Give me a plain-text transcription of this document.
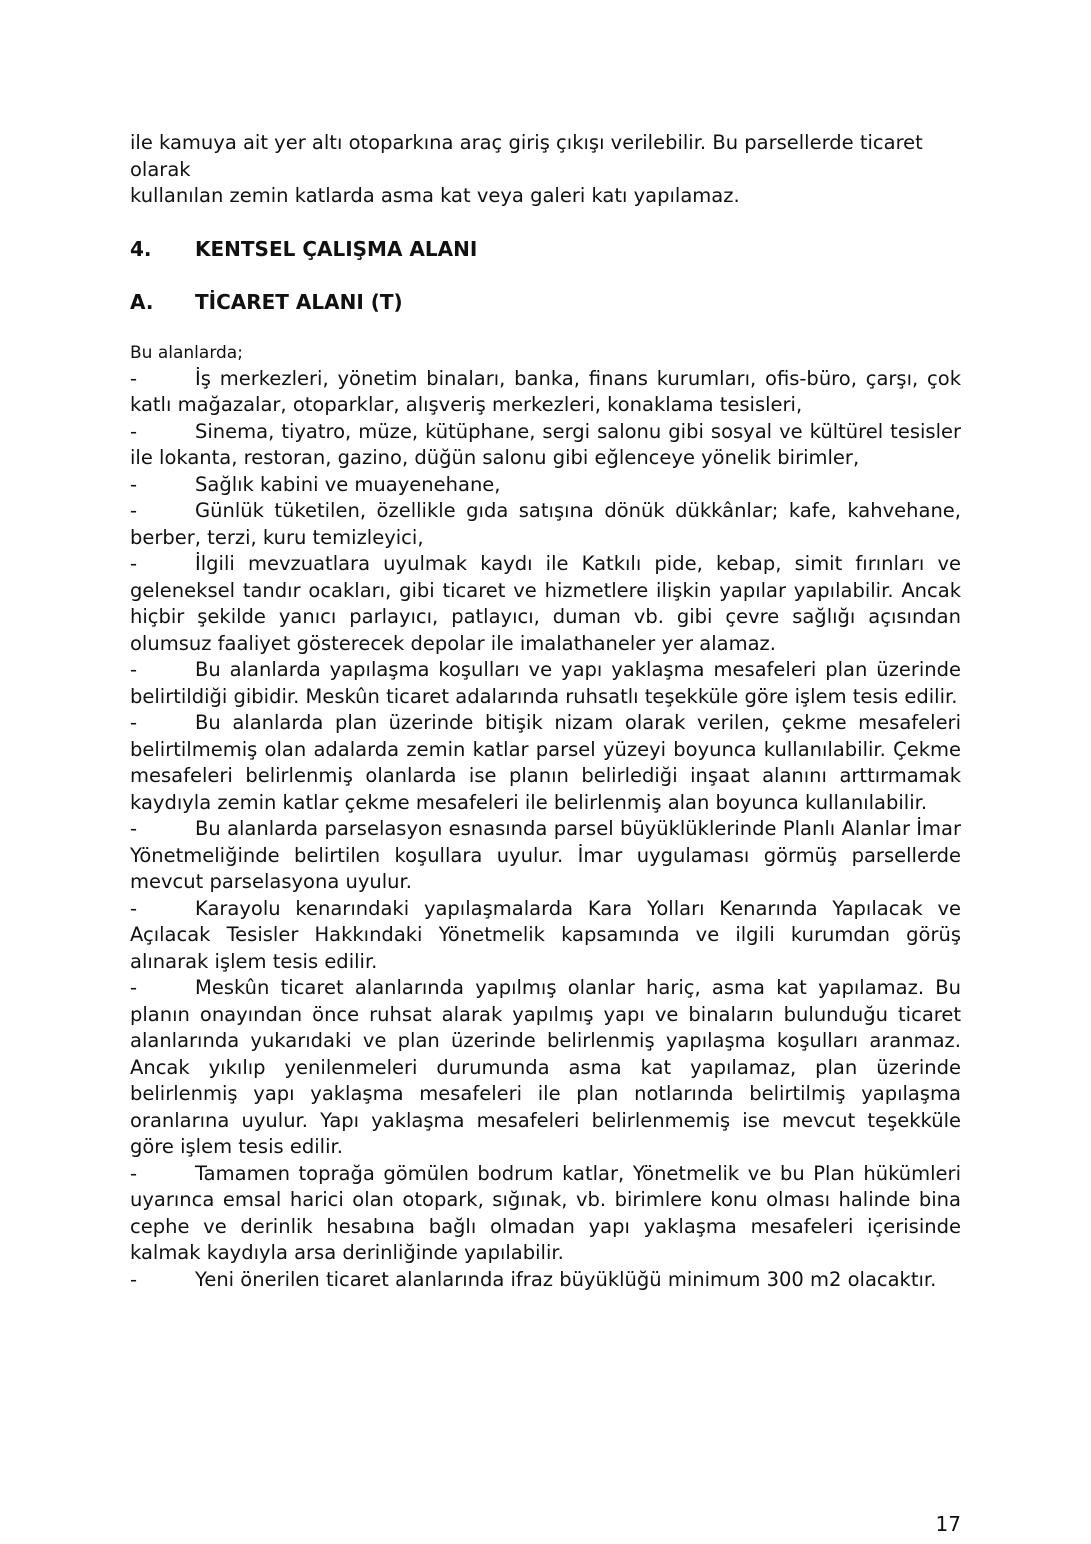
ile kamuya ait yer altı otoparkına araç giriş çıkışı verilebilir. Bu parsellerde ticaret olarak

kullanılan zemin katlarda asma kat veya galeri katı yapılamaz.

4.	KENTSEL ÇALIŞMA ALANI
A.	TİCARET ALANI (T)

Bu alanlarda;

-	İş merkezleri, yönetim binaları, banka, finans kurumları, ofis-büro, çarşı, çok katlı mağazalar, otoparklar, alışveriş merkezleri, konaklama tesisleri,
-	Sinema, tiyatro, müze, kütüphane, sergi salonu gibi sosyal ve kültürel tesisler ile lokanta, restoran, gazino, düğün salonu gibi eğlenceye yönelik birimler,
-	Sağlık kabini ve muayenehane,
-	Günlük tüketilen, özellikle gıda satışına dönük dükkânlar; kafe, kahvehane, berber, terzi, kuru temizleyici,
-	İlgili mevzuatlara uyulmak kaydı ile Katkılı pide, kebap, simit fırınları ve geleneksel tandır ocakları, gibi ticaret ve hizmetlere ilişkin yapılar yapılabilir. Ancak hiçbir şekilde yanıcı parlayıcı, patlayıcı, duman vb. gibi çevre sağlığı açısından olumsuz faaliyet gösterecek depolar ile imalathaneler yer alamaz.
-	Bu alanlarda yapılaşma koşulları ve yapı yaklaşma mesafeleri plan üzerinde belirtildiği gibidir. Meskûn ticaret adalarında ruhsatlı teşekküle göre işlem tesis edilir.
-	Bu alanlarda plan üzerinde bitişik nizam olarak verilen, çekme mesafeleri belirtilmemiş olan adalarda zemin katlar parsel yüzeyi boyunca kullanılabilir. Çekme mesafeleri belirlenmiş olanlarda ise planın belirlediği inşaat alanını arttırmamak kaydıyla zemin katlar çekme mesafeleri ile belirlenmiş alan boyunca kullanılabilir.
-	Bu alanlarda parselasyon esnasında parsel büyüklüklerinde Planlı Alanlar İmar Yönetmeliğinde belirtilen koşullara uyulur. İmar uygulaması görmüş parsellerde mevcut parselasyona uyulur.
-	Karayolu kenarındaki yapılaşmalarda Kara Yolları Kenarında Yapılacak ve Açılacak Tesisler Hakkındaki Yönetmelik kapsamında ve ilgili kurumdan görüş alınarak işlem tesis edilir.
-	Meskûn ticaret alanlarında yapılmış olanlar hariç, asma kat yapılamaz. Bu planın onayından önce ruhsat alarak yapılmış yapı ve binaların bulunduğu ticaret alanlarında yukarıdaki ve plan üzerinde belirlenmiş yapılaşma koşulları aranmaz. Ancak yıkılıp yenilenmeleri durumunda asma kat yapılamaz, plan üzerinde belirlenmiş yapı yaklaşma mesafeleri ile plan notlarında belirtilmiş yapılaşma oranlarına uyulur. Yapı yaklaşma mesafeleri belirlenmemiş ise mevcut teşekküle göre işlem tesis edilir.
-	Tamamen toprağa gömülen bodrum katlar, Yönetmelik ve bu Plan hükümleri uyarınca emsal harici olan otopark, sığınak, vb. birimlere konu olması halinde bina cephe ve derinlik hesabına bağlı olmadan yapı yaklaşma mesafeleri içerisinde kalmak kaydıyla arsa derinliğinde yapılabilir.
-	Yeni önerilen ticaret alanlarında ifraz büyüklüğü minimum 300 m2 olacaktır.
17
